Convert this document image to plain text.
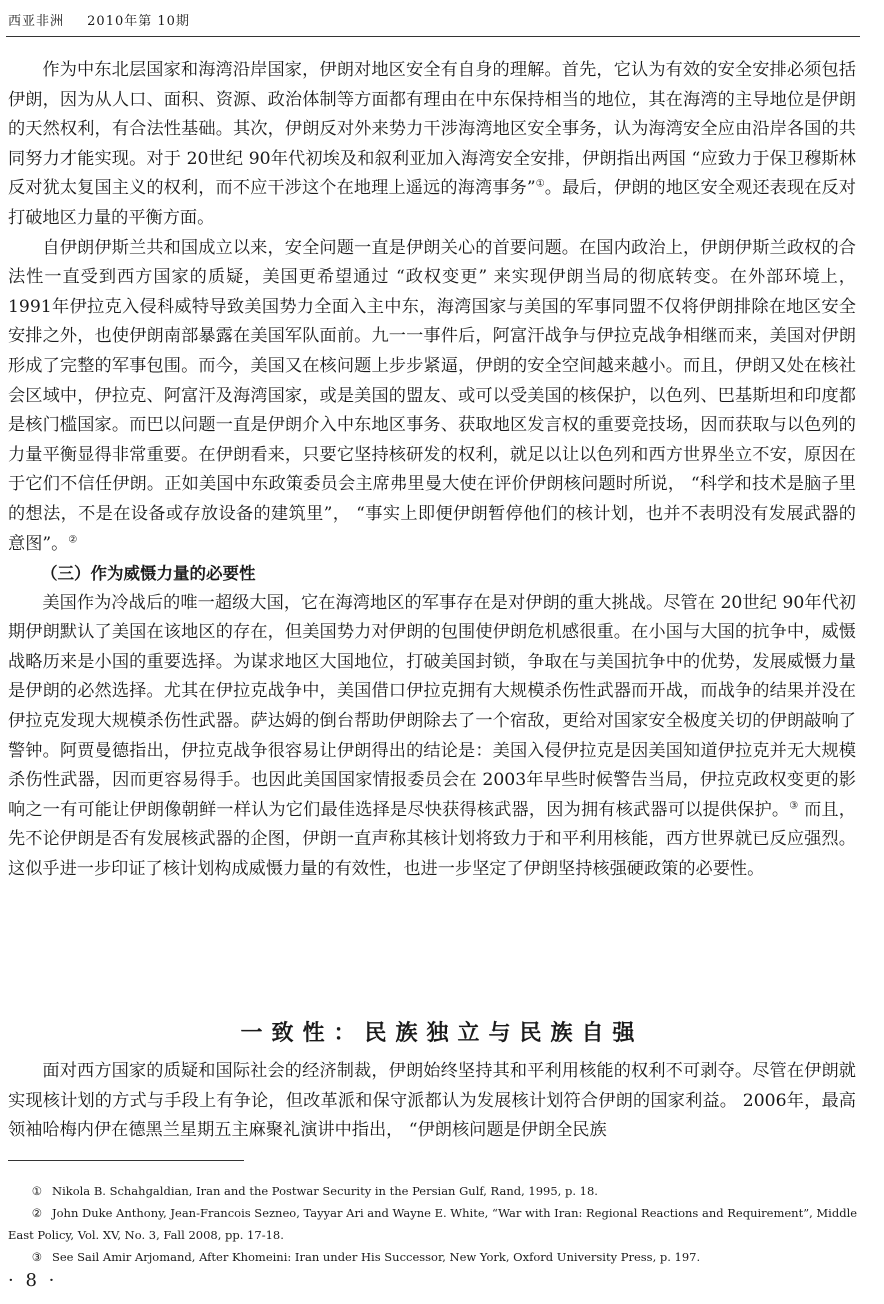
西亚非洲 2010年第 10期

作为中东北层国家和海湾沿岸国家，伊朗对地区安全有自身的理解。首先，它认为有效的安全安排必须包括伊朗，因为从人口、面积、资源、政治体制等方面都有理由在中东保持相当的地位，其在海湾的主导地位是伊朗的天然权利，有合法性基础。其次，伊朗反对外来势力干涉海湾地区安全事务，认为海湾安全应由沿岸各国的共同努力才能实现。对于 20世纪 90年代初埃及和叙利亚加入海湾安全安排，伊朗指出两国 “应致力于保卫穆斯林反对犹太复国主义的权利，而不应干涉这个在地理上遥远的海湾事务”①。最后，伊朗的地区安全观还表现在反对打破地区力量的平衡方面。

自伊朗伊斯兰共和国成立以来，安全问题一直是伊朗关心的首要问题。在国内政治上，伊朗伊斯兰政权的合法性一直受到西方国家的质疑，美国更希望通过 “政权变更” 来实现伊朗当局的彻底转变。在外部环境上， 1991年伊拉克入侵科威特导致美国势力全面入主中东，海湾国家与美国的军事同盟不仅将伊朗排除在地区安全安排之外，也使伊朗南部暴露在美国军队面前。九一一事件后，阿富汗战争与伊拉克战争相继而来，美国对伊朗形成了完整的军事包围。而今，美国又在核问题上步步紧逼，伊朗的安全空间越来越小。而且，伊朗又处在核社会区域中，伊拉克、阿富汗及海湾国家，或是美国的盟友、或可以受美国的核保护，以色列、巴基斯坦和印度都是核门槛国家。而巴以问题一直是伊朗介入中东地区事务、获取地区发言权的重要竞技场，因而获取与以色列的力量平衡显得非常重要。在伊朗看来，只要它坚持核研发的权利，就足以让以色列和西方世界坐立不安，原因在于它们不信任伊朗。正如美国中东政策委员会主席弗里曼大使在评价伊朗核问题时所说， “科学和技术是脑子里的想法，不是在设备或存放设备的建筑里”， “事实上即便伊朗暂停他们的核计划，也并不表明没有发展武器的意图”。②

（三）作为威慑力量的必要性

美国作为冷战后的唯一超级大国，它在海湾地区的军事存在是对伊朗的重大挑战。尽管在 20世纪 90年代初期伊朗默认了美国在该地区的存在，但美国势力对伊朗的包围使伊朗危机感很重。在小国与大国的抗争中，威慑战略历来是小国的重要选择。为谋求地区大国地位，打破美国封锁，争取在与美国抗争中的优势，发展威慑力量是伊朗的必然选择。尤其在伊拉克战争中，美国借口伊拉克拥有大规模杀伤性武器而开战，而战争的结果并没在伊拉克发现大规模杀伤性武器。萨达姆的倒台帮助伊朗除去了一个宿敌，更给对国家安全极度关切的伊朗敲响了警钟。阿贾曼德指出，伊拉克战争很容易让伊朗得出的结论是：美国入侵伊拉克是因美国知道伊拉克并无大规模杀伤性武器，因而更容易得手。也因此美国国家情报委员会在 2003年早些时候警告当局，伊拉克政权变更的影响之一有可能让伊朗像朝鲜一样认为它们最佳选择是尽快获得核武器，因为拥有核武器可以提供保护。③ 而且，先不论伊朗是否有发展核武器的企图，伊朗一直声称其核计划将致力于和平利用核能，西方世界就已反应强烈。这似乎进一步印证了核计划构成威慑力量的有效性，也进一步坚定了伊朗坚持核强硬政策的必要性。

一致性：民族独立与民族自强

面对西方国家的质疑和国际社会的经济制裁，伊朗始终坚持其和平利用核能的权利不可剥夺。尽管在伊朗就实现核计划的方式与手段上有争论，但改革派和保守派都认为发展核计划符合伊朗的国家利益。 2006年，最高领袖哈梅内伊在德黑兰星期五主麻聚礼演讲中指出， “伊朗核问题是伊朗全民族

① Nikola B. Schahgaldian, Iran and the Postwar Security in the Persian Gulf, Rand, 1995, p. 18.

② John Duke Anthony, Jean-Francois Sezneo, Tayyar Ari and Wayne E. White, “War with Iran: Regional Reactions and Requirement”, Middle East Policy, Vol. XV, No. 3, Fall 2008, pp. 17-18.

③ See Sail Amir Arjomand, After Khomeini: Iran under His Successor, New York, Oxford University Press, p. 197.

· 8 ·
